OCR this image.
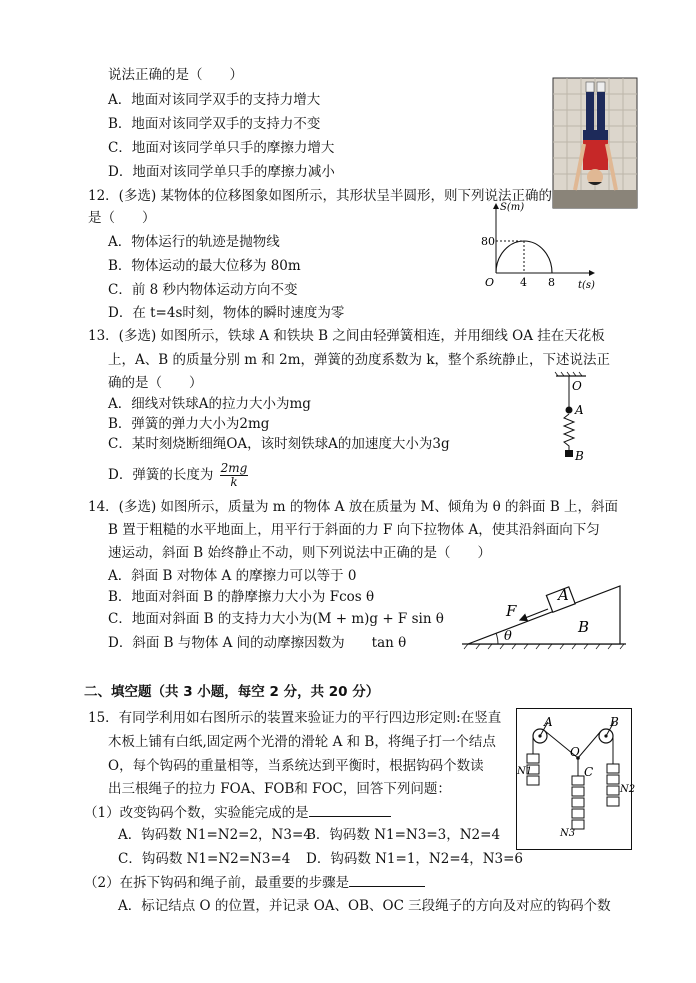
说法正确的是（　　）
A．地面对该同学双手的支持力增大
B．地面对该同学双手的支持力不变
C．地面对该同学单只手的摩擦力增大
D．地面对该同学单只手的摩擦力减小
12．(多选) 某物体的位移图象如图所示，其形状呈半圆形，则下列说法正确的
是（　　）
A．物体运行的轨迹是抛物线
B．物体运动的最大位移为 80m
C．前 8 秒内物体运动方向不变
D．在 t=4s时刻，物体的瞬时速度为零
S(m)
80
O 4 8 t(s)
13．(多选) 如图所示，铁球 A 和铁块 B 之间由轻弹簧相连，并用细线 OA 挂在天花板
上，A、B 的质量分别 m 和 2m，弹簧的劲度系数为 k，整个系统静止，下述说法正
确的是（　　）
A．细线对铁球A的拉力大小为mg
B．弹簧的弹力大小为2mg
C．某时刻烧断细绳OA，该时刻铁球A的加速度大小为3g
D．弹簧的长度为 $\frac{2mg}{k}$
O
A
B
14．(多选) 如图所示，质量为 m 的物体 A 放在质量为 M、倾角为 θ 的斜面 B 上，斜面
B 置于粗糙的水平地面上，用平行于斜面的力 F 向下拉物体 A，使其沿斜面向下匀
速运动，斜面 B 始终静止不动，则下列说法中正确的是（　　）
A．斜面 B 对物体 A 的摩擦力可以等于 0
B．地面对斜面 B 的静摩擦力大小为 Fcos θ
C．地面对斜面 B 的支持力大小为(M + m)g + F sin θ
D．斜面 B 与物体 A 间的动摩擦因数为　　tan θ
F
A
B
θ
二、填空题（共 3 小题，每空 2 分，共 20 分）
15．有同学利用如右图所示的装置来验证力的平行四边形定则:在竖直
木板上铺有白纸,固定两个光滑的滑轮 A 和 B，将绳子打一个结点
O，每个钩码的重量相等，当系统达到平衡时，根据钩码个数读
出三根绳子的拉力 FOA、FOB和 FOC，回答下列问题：
（1）改变钩码个数，实验能完成的是
A．钩码数 N1=N2=2，N3=4
B．钩码数 N1=N3=3，N2=4
C．钩码数 N1=N2=N3=4 D．钩码数 N1=1，N2=4，N3=6
（2）在拆下钩码和绳子前，最重要的步骤是
A．标记结点 O 的位置，并记录 OA、OB、OC 三段绳子的方向及对应的钩码个数
A	B
O
C
N1
N2
N3
